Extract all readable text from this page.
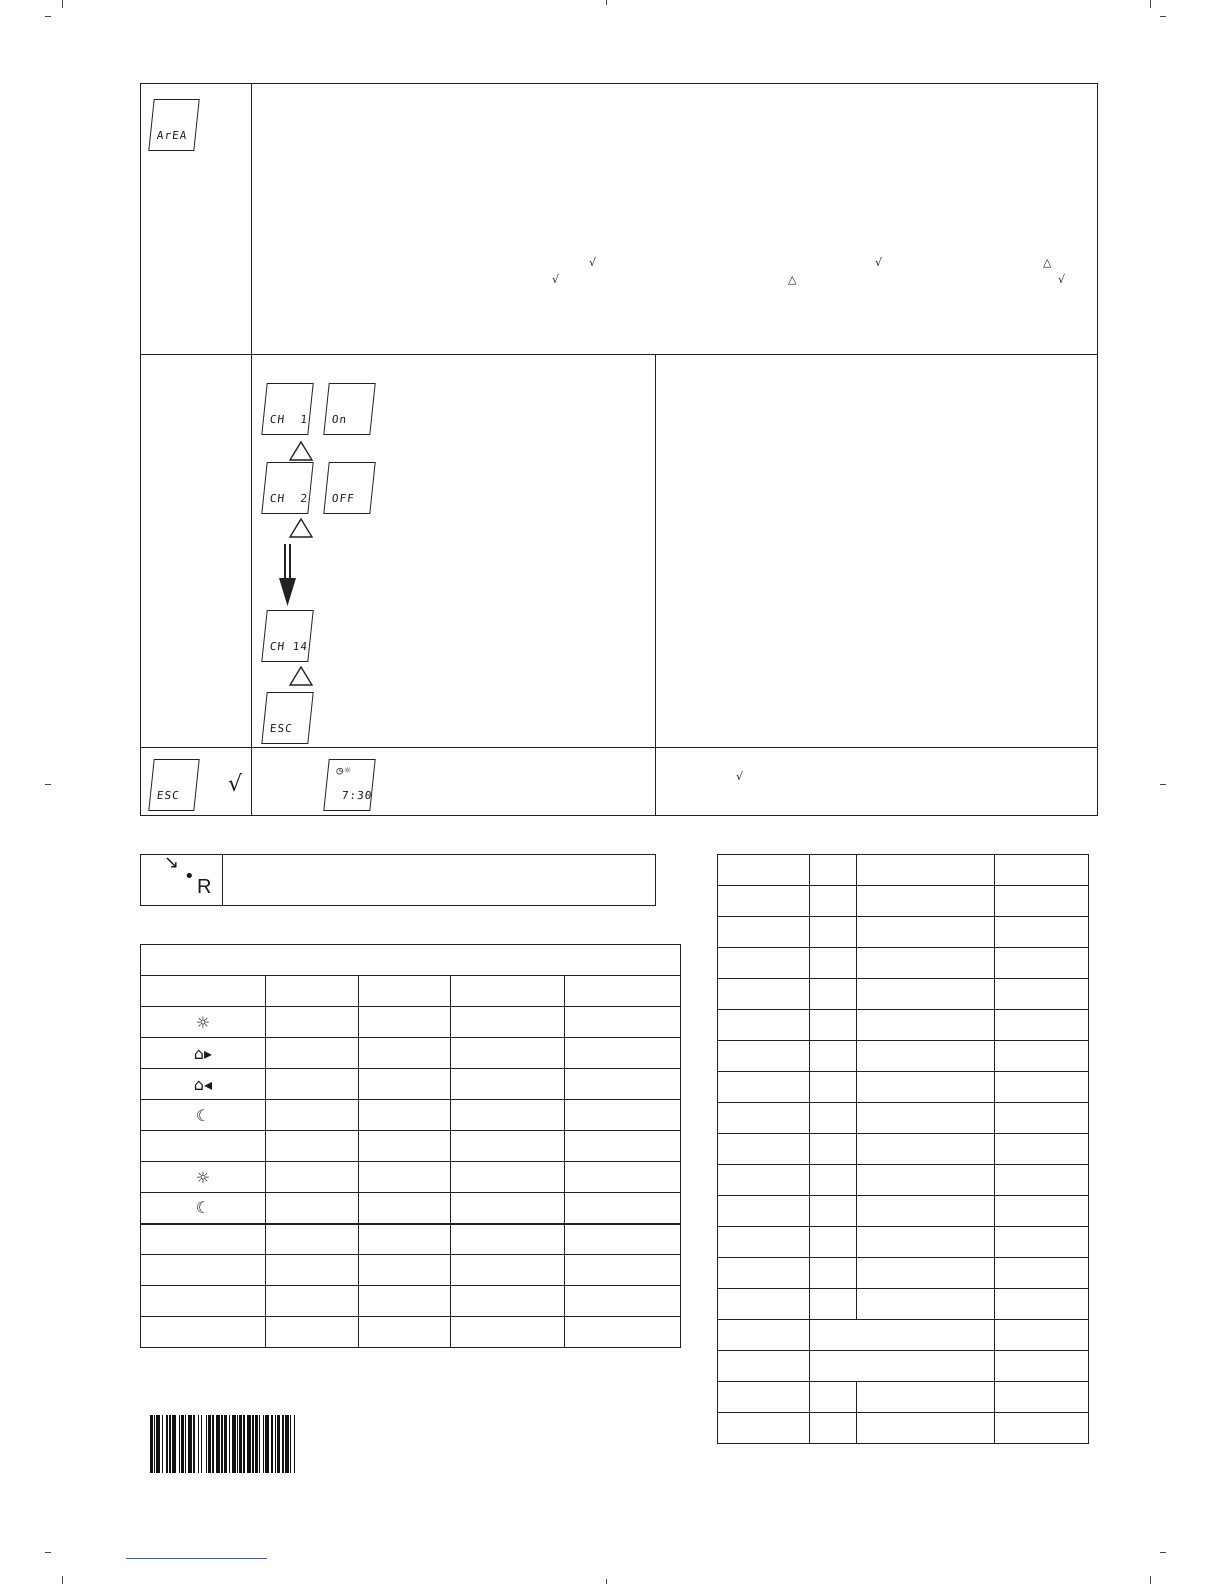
ArEA
√
√
√
√
△
△
CH  1 On
CH  2 OFF
CH 14
ESC
ESC √
◷☼
7:30
√
↘
• R

☼				
⌂▸				
⌂◂				
☾				

☼				
☾				
